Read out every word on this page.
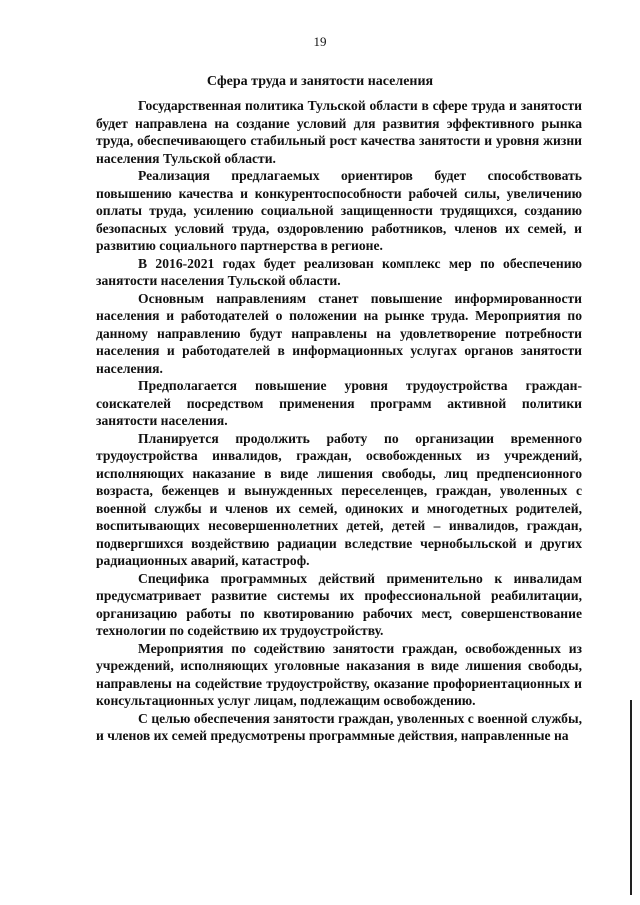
19
Сфера труда и занятости населения

Государственная политика Тульской области в сфере труда и занятости будет направлена на создание условий для развития эффективного рынка труда, обеспечивающего стабильный рост качества занятости и уровня жизни населения Тульской области.

Реализация предлагаемых ориентиров будет способствовать повышению качества и конкурентоспособности рабочей силы, увеличению оплаты труда, усилению социальной защищенности трудящихся, созданию безопасных условий труда, оздоровлению работников, членов их семей, и развитию социального партнерства в регионе.

В 2016-2021 годах будет реализован комплекс мер по обеспечению занятости населения Тульской области.

Основным направлениям станет повышение информированности населения и работодателей о положении на рынке труда. Мероприятия по данному направлению будут направлены на удовлетворение потребности населения и работодателей в информационных услугах органов занятости населения.

Предполагается повышение уровня трудоустройства граждан-соискателей посредством применения программ активной политики занятости населения.

Планируется продолжить работу по организации временного трудоустройства инвалидов, граждан, освобожденных из учреждений, исполняющих наказание в виде лишения свободы, лиц предпенсионного возраста, беженцев и вынужденных переселенцев, граждан, уволенных с военной службы и членов их семей, одиноких и многодетных родителей, воспитывающих несовершеннолетних детей, детей – инвалидов, граждан, подвергшихся воздействию радиации вследствие чернобыльской и других радиационных аварий, катастроф.

Специфика программных действий применительно к инвалидам предусматривает развитие системы их профессиональной реабилитации, организацию работы по квотированию рабочих мест, совершенствование технологии по содействию их трудоустройству.

Мероприятия по содействию занятости граждан, освобожденных из учреждений, исполняющих уголовные наказания в виде лишения свободы, направлены на содействие трудоустройству, оказание профориентационных и консультационных услуг лицам, подлежащим освобождению.

С целью обеспечения занятости граждан, уволенных с военной службы, и членов их семей предусмотрены программные действия, направленные на
